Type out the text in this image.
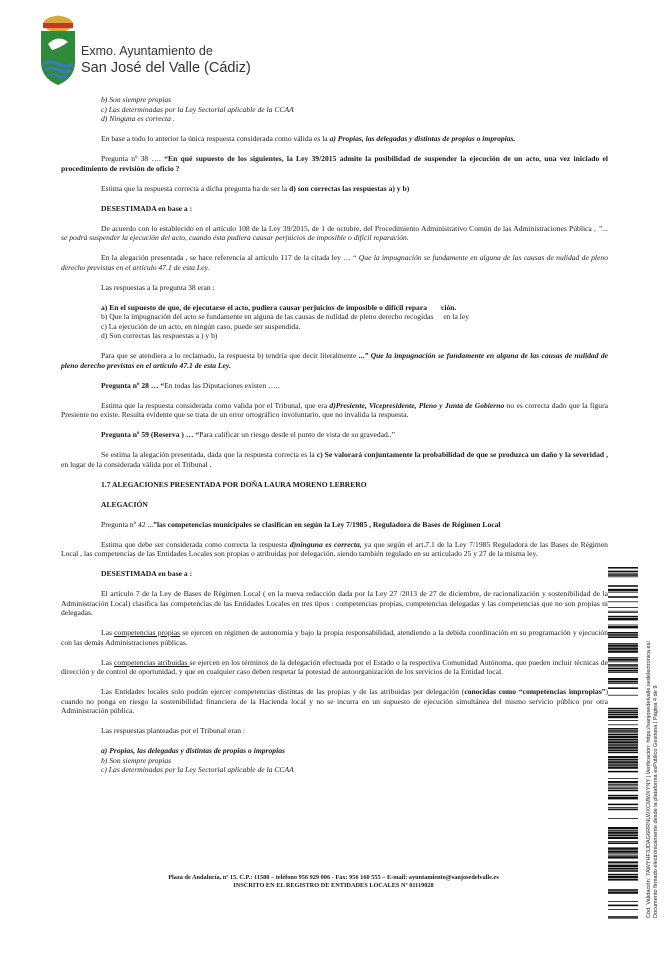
Exmo. Ayuntamiento de
San José del Valle (Cádiz)
b) Son siempre propias
c) Las determinadas por la Ley Sectorial aplicable de la CCAA
d) Ninguna es correcta .

En base a todo lo anterior la única respuesta considerada como válida es la a) Propias, las delegadas y distintas de propias o impropias.

Pregunta nº 38 …. “En qué supuesto de los siguientes, la Ley 39/2015 admite la posibilidad de suspender la ejecución de un acto, una vez iniciado el procedimiento de revisión de oficio ?

Estima que la respuesta correcta a dicha pregunta ha de ser la d) son correctas las respuestas a) y b)

DESESTIMADA en base a :

De acuerdo con lo establecido en el artículo 108 de la Ley 39/2015, de 1 de octubre, del Procedimiento Administrativo Común de las Administraciones Pública , ”... se podrá suspender la ejecución del acto, cuando ésta pudiera causar perjuicios de imposible o difícil reparación.

En la alegación presentada , se hace referencia al artículo 117 de la citada ley … “ Que la impugnación se fundamente en alguna de las causas de nulidad de pleno derecho previstas en el artículo 47.1 de esta Ley.

Las respuestas a la pregunta 38 eran :

a) En el supuesto de que, de ejecutarse el acto, pudiera causar perjuicios de imposible o difícil repara ción.
b) Que la impugnación del acto se fundamente en alguna de las causas de nulidad de pleno derecho recogidas en la ley
c) La ejecución de un acto, en ningún caso, puede ser suspendida.
d) Son correctas las respuestas a ) y b)

Para que se atendiera a lo reclamado, la respuesta b) tendría que decir literalmente ...” Que la impugnación se fundamente en alguna de las causas de nulidad de pleno derecho previstas en el artículo 47.1 de esta Ley.

Pregunta nº 28 … “En todas las Diputaciones existen …..

Estima que la respuesta considerada como valida por el Tribunal, que era d)Presiente, Vicepresidente, Pleno y Junta de Gobierno no es correcta dado que la figura Presiente no existe. Resulta evidente que se trata de un error ortográfico involuntario, que no invalida la respuesta.

Pregunta nº 59 (Reserva ) … “Para calificar un riesgo desde el punto de vista de su gravedad..”

Se estima la alegación presentada, dada que la respuesta correcta es la c) Se valorará conjuntamente la probabilidad de que se produzca un daño y la severidad , en lugar de la considerada válida por el Tribunal .

1.7 ALEGACIONES PRESENTADA POR DOÑA LAURA MORENO LEBRERO

ALEGACIÓN

Pregunta nº 42 ...”las competencias municipales se clasifican en según la Ley 7/1985 , Reguladora de Bases de Régimen Local

Estima que debe ser considerada como correcta la respuesta d)ninguna es correcta, ya que según el art.7.1 de la Ley 7/1985 Reguladora de las Bases de Régimen Local , las competencias de las Entidades Locales son propias o atribuidas por delegación, siendo también regulado en su articulado 25 y 27 de la misma ley.

DESESTIMADA en base a :

El artículo 7 de la Ley de Bases de Régimen Local ( en la nueva redacción dada por la Ley 27 /2013 de 27 de diciembre, de racionalización y sostenibilidad de la Administración Local) clasifica las competencias de las Entidades Locales en tres tipos : competencias propias, competencias delegadas y las competencias que no son propias ni delegadas.

Las competencias propias se ejercen en régimen de autonomía y bajo la propia responsabilidad, atendiendo a la debida coordinación en su programación y ejecución con las demás Administraciones públicas.

Las competencias atribuidas se ejercen en los términos de la delegación efectuada por el Estado o la respectiva Comunidad Autónoma, que pueden incluir técnicas de dirección y de control de oportunidad, y que en cualquier caso deben respetar la potestad de autoorganización de los servicios de la Entidad local.

Las Entidades locales solo podrán ejercer competencias distintas de las propias y de las atribuidas por delegación (conocidas como “competencias impropias”) cuando no ponga en riesgo la sostenibilidad financiera de la Hacienda local y no se incurra en un supuesto de ejecución simultánea del mismo servicio público por otra Administración pública.

Las respuestas planteadas por el Tribunal eran :

a) Propias, las delegadas y distintas de propias o impropias
b) Son siempre propias
c) Las determinadas por la Ley Sectorial aplicable de la CCAA
Plaza de Andalucía, nº 15. C.P.: 11580 – teléfono 956 929 006 - Fax: 956 160 555 – E-mail: ayuntamiento@sanjosedelvalle.es
INSCRITO EN EL REGISTRO DE ENTIDADES LOCALES Nº 01119028	Cód. Validación: 7AWYHF3JDAG6RRNLWXCMWXYNY | Verificación: https://sanjosedelvalle.sedelectronica.es/ Documento firmado electrónicamente desde la plataforma esPublico Gestiona | Página 4 de 9
